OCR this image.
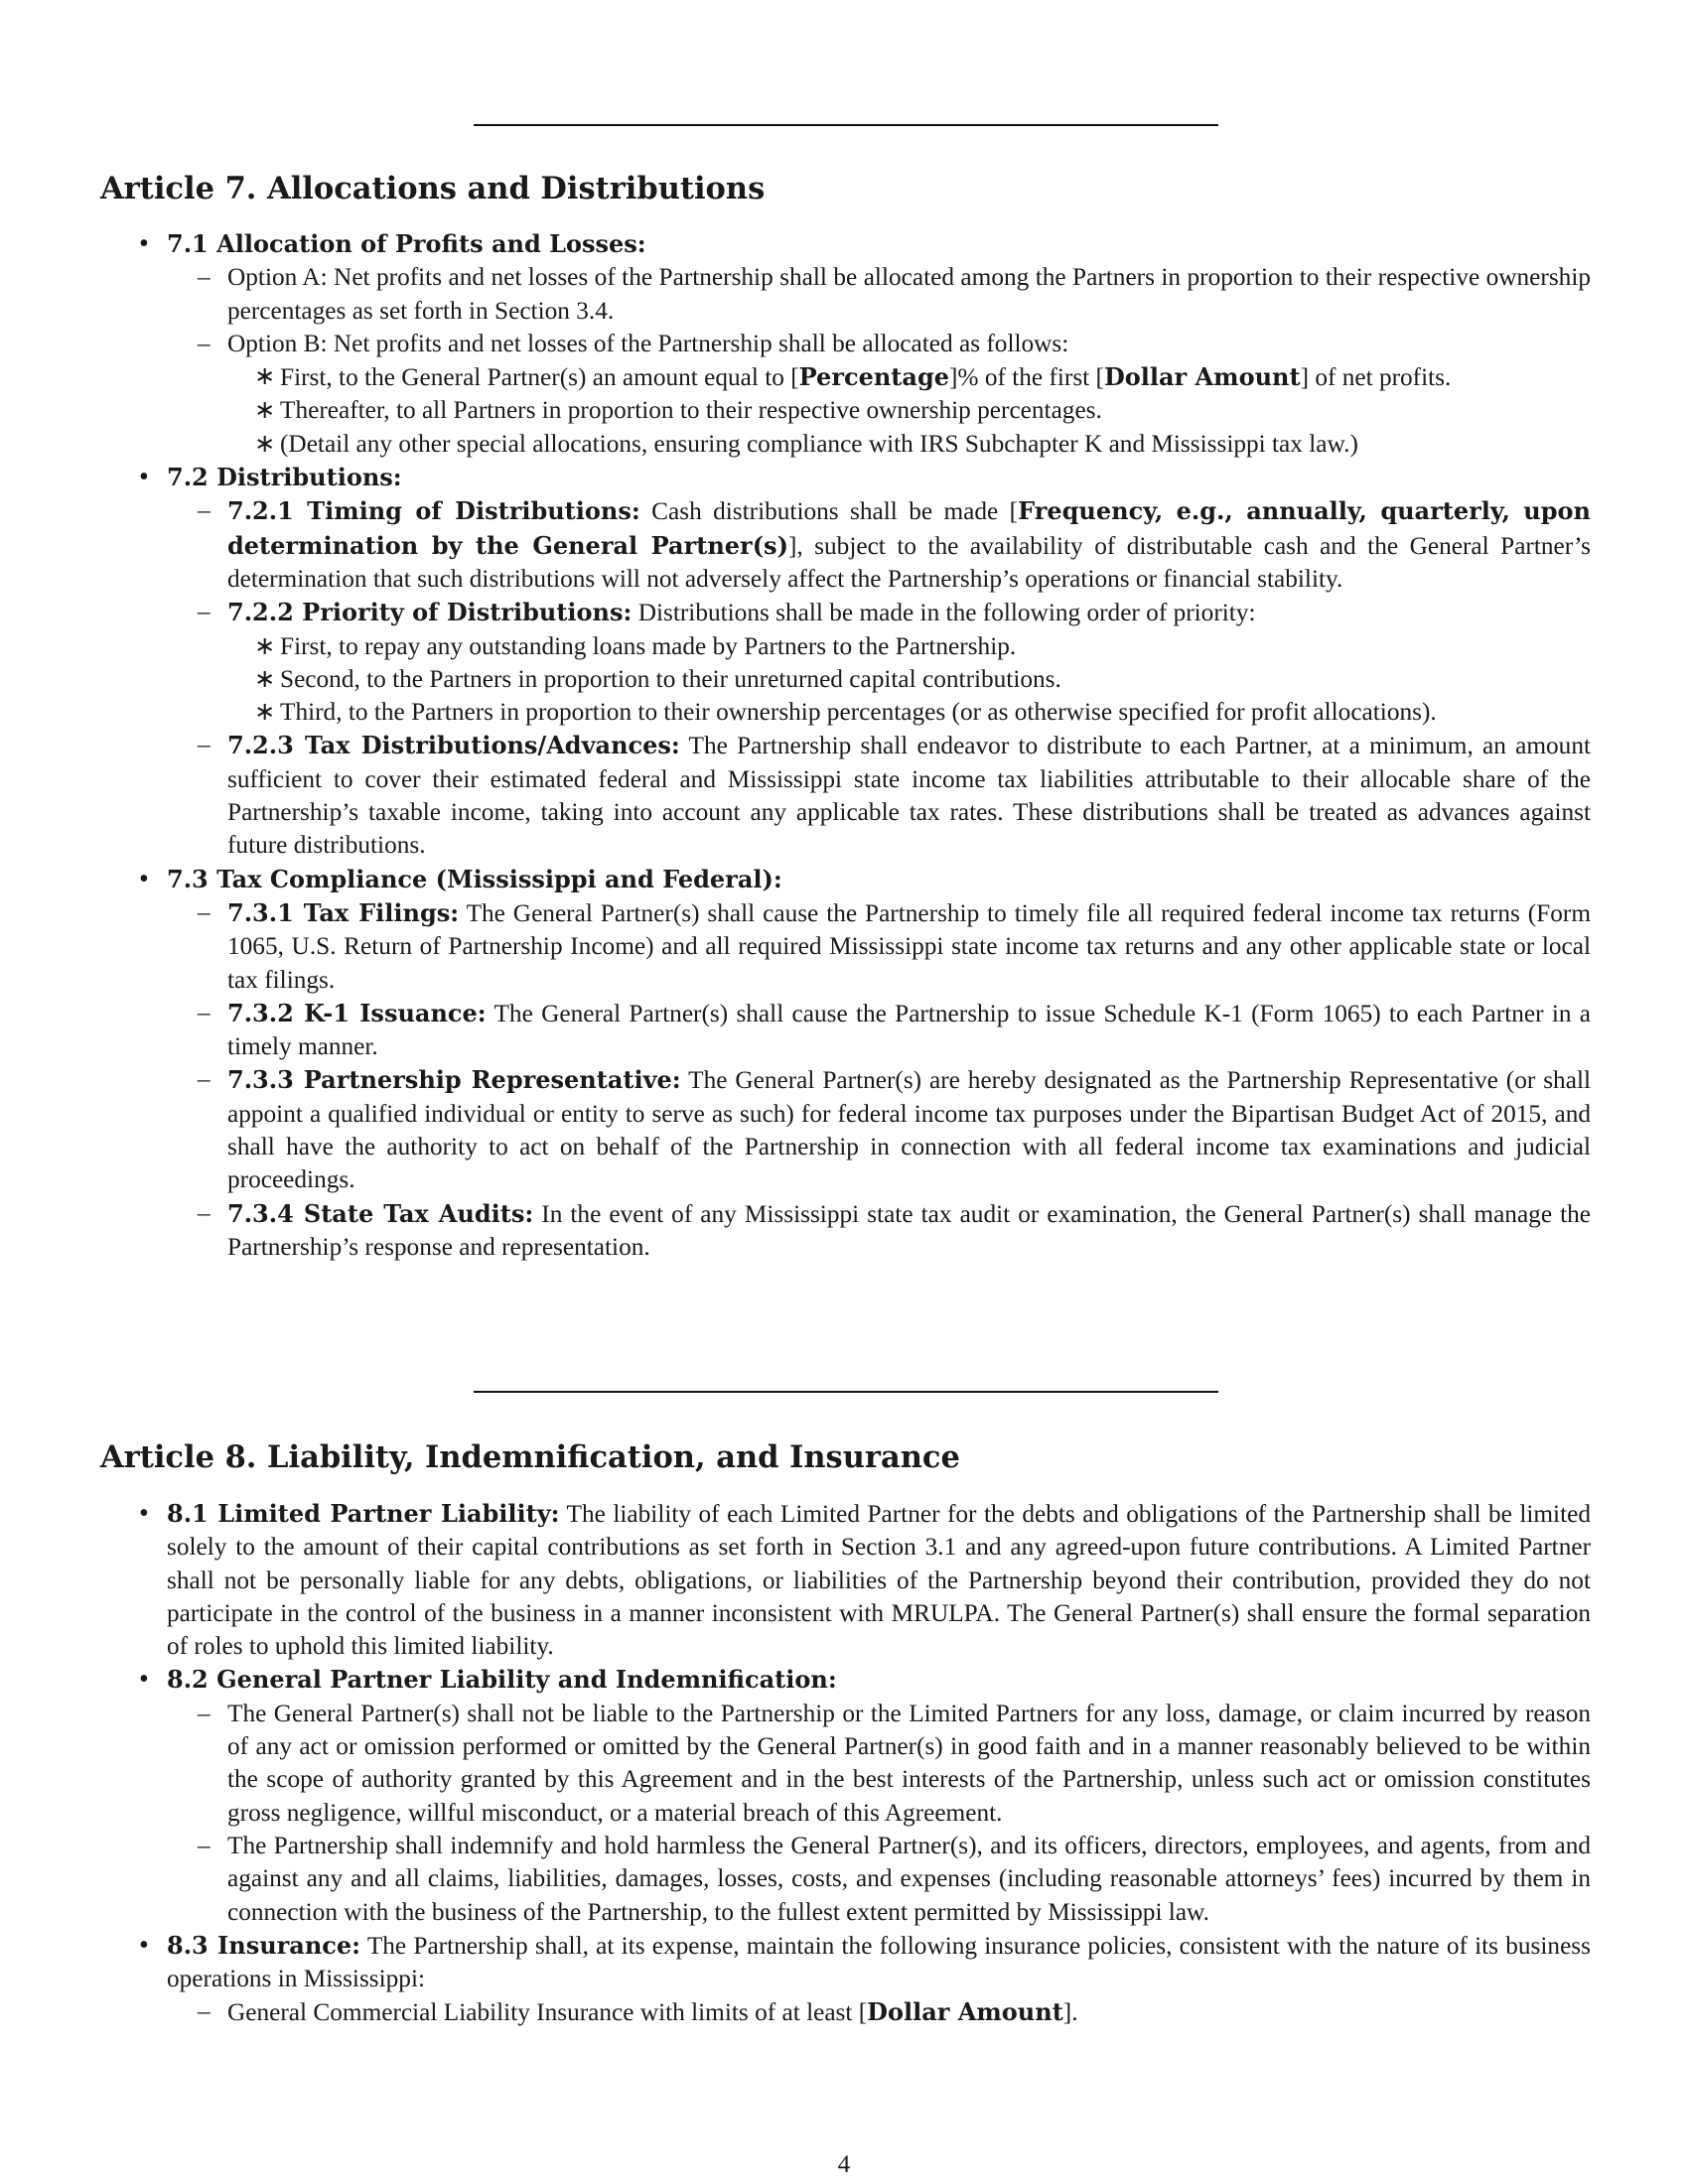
Article 7. Allocations and Distributions
• 7.1 Allocation of Profits and Losses:
– Option A: Net profits and net losses of the Partnership shall be allocated among the Partners in proportion to their respective ownership percentages as set forth in Section 3.4.
– Option B: Net profits and net losses of the Partnership shall be allocated as follows:
∗ First, to the General Partner(s) an amount equal to [Percentage]% of the first [Dollar Amount] of net profits.
∗ Thereafter, to all Partners in proportion to their respective ownership percentages.
∗ (Detail any other special allocations, ensuring compliance with IRS Subchapter K and Mississippi tax law.)
• 7.2 Distributions:
– 7.2.1 Timing of Distributions: Cash distributions shall be made [Frequency, e.g., annually, quarterly, upon determination by the General Partner(s)], subject to the availability of distributable cash and the General Partner’s determination that such distributions will not adversely affect the Partnership’s operations or financial stability.
– 7.2.2 Priority of Distributions: Distributions shall be made in the following order of priority:
∗ First, to repay any outstanding loans made by Partners to the Partnership.
∗ Second, to the Partners in proportion to their unreturned capital contributions.
∗ Third, to the Partners in proportion to their ownership percentages (or as otherwise specified for profit allocations).
– 7.2.3 Tax Distributions/Advances: The Partnership shall endeavor to distribute to each Partner, at a minimum, an amount sufficient to cover their estimated federal and Mississippi state income tax liabilities attributable to their allocable share of the Partnership’s taxable income, taking into account any applicable tax rates. These distributions shall be treated as advances against future distributions.
• 7.3 Tax Compliance (Mississippi and Federal):
– 7.3.1 Tax Filings: The General Partner(s) shall cause the Partnership to timely file all required federal income tax returns (Form 1065, U.S. Return of Partnership Income) and all required Mississippi state income tax returns and any other applicable state or local tax filings.
– 7.3.2 K-1 Issuance: The General Partner(s) shall cause the Partnership to issue Schedule K-1 (Form 1065) to each Partner in a timely manner.
– 7.3.3 Partnership Representative: The General Partner(s) are hereby designated as the Partnership Representative (or shall appoint a qualified individual or entity to serve as such) for federal income tax purposes under the Bipartisan Budget Act of 2015, and shall have the authority to act on behalf of the Partnership in connection with all federal income tax examinations and judicial proceedings.
– 7.3.4 State Tax Audits: In the event of any Mississippi state tax audit or examination, the General Partner(s) shall manage the Partnership’s response and representation.
Article 8. Liability, Indemnification, and Insurance
• 8.1 Limited Partner Liability: The liability of each Limited Partner for the debts and obligations of the Partnership shall be limited solely to the amount of their capital contributions as set forth in Section 3.1 and any agreed-upon future contributions. A Limited Partner shall not be personally liable for any debts, obligations, or liabilities of the Partnership beyond their contribution, provided they do not participate in the control of the business in a manner inconsistent with MRULPA. The General Partner(s) shall ensure the formal separation of roles to uphold this limited liability.
• 8.2 General Partner Liability and Indemnification:
– The General Partner(s) shall not be liable to the Partnership or the Limited Partners for any loss, damage, or claim incurred by reason of any act or omission performed or omitted by the General Partner(s) in good faith and in a manner reasonably believed to be within the scope of authority granted by this Agreement and in the best interests of the Partnership, unless such act or omission constitutes gross negligence, willful misconduct, or a material breach of this Agreement.
– The Partnership shall indemnify and hold harmless the General Partner(s), and its officers, directors, employees, and agents, from and against any and all claims, liabilities, damages, losses, costs, and expenses (including reasonable attorneys’ fees) incurred by them in connection with the business of the Partnership, to the fullest extent permitted by Mississippi law.
• 8.3 Insurance: The Partnership shall, at its expense, maintain the following insurance policies, consistent with the nature of its business operations in Mississippi:
– General Commercial Liability Insurance with limits of at least [Dollar Amount].
4
